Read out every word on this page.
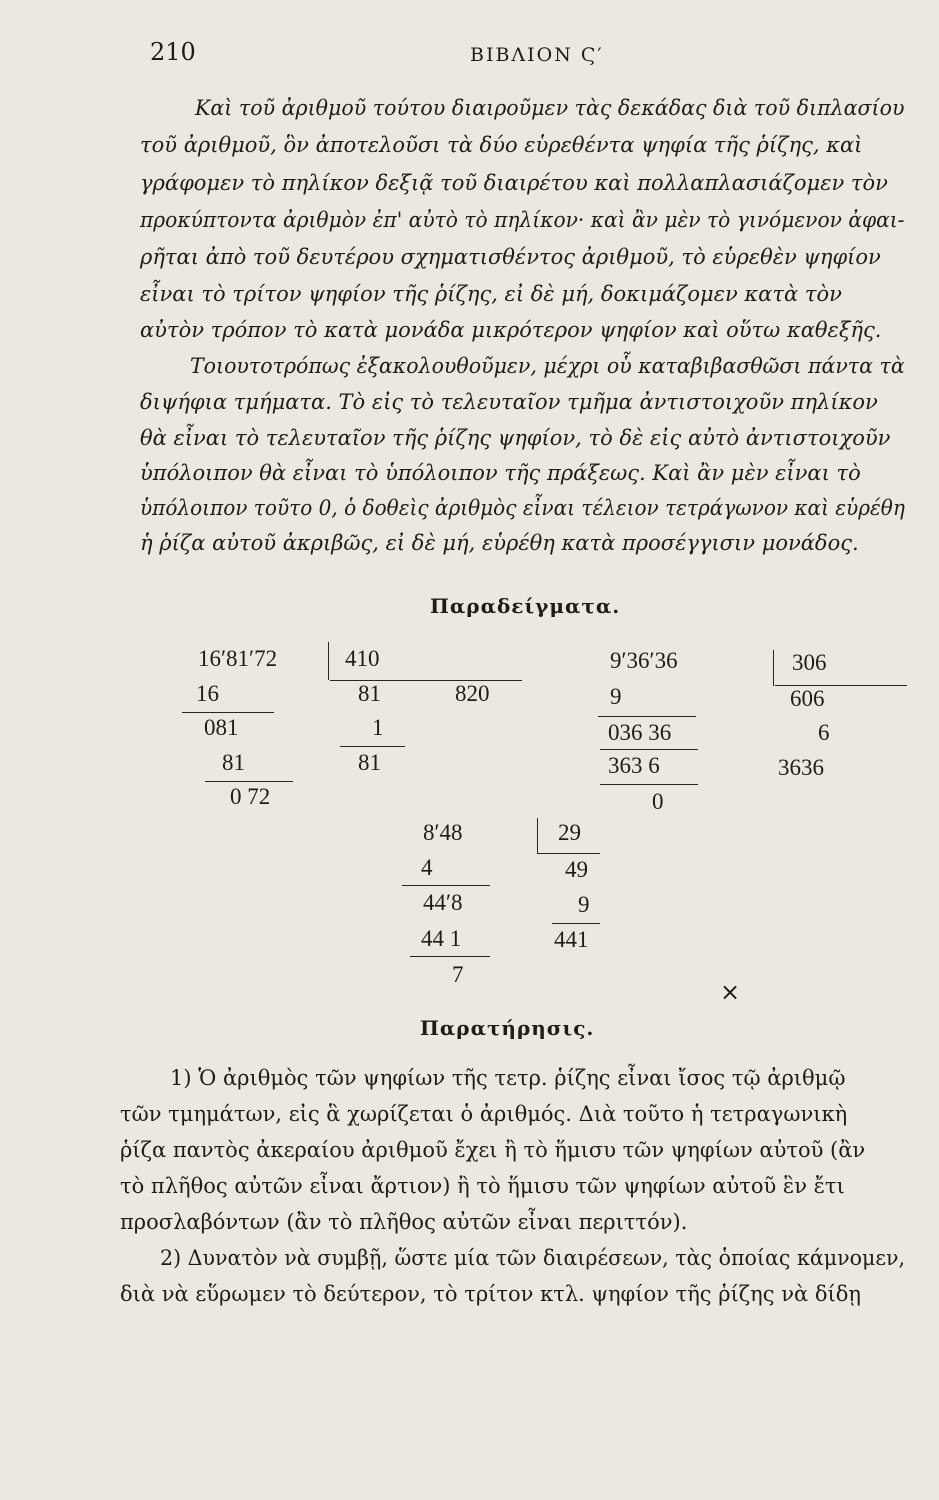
210	ΒΙΒΛΙΟΝ Ϛ′
Καὶ τοῦ ἀριθμοῦ τούτου διαιροῦμεν τὰς δεκάδας διὰ τοῦ διπλασίου
τοῦ ἀριθμοῦ, ὃν ἀποτελοῦσι τὰ δύο εὑρεθέντα ψηφία τῆς ῥίζης, καὶ
γράφομεν τὸ πηλίκον δεξιᾷ τοῦ διαιρέτου καὶ πολλαπλασιάζομεν τὸν
προκύπτοντα ἀριθμὸν ἐπ' αὐτὸ τὸ πηλίκον· καὶ ἂν μὲν τὸ γινόμενον ἀφαι-
ρῆται ἀπὸ τοῦ δευτέρου σχηματισθέντος ἀριθμοῦ, τὸ εὑρεθὲν ψηφίον
εἶναι τὸ τρίτον ψηφίον τῆς ῥίζης, εἰ δὲ μή, δοκιμάζομεν κατὰ τὸν
αὐτὸν τρόπον τὸ κατὰ μονάδα μικρότερον ψηφίον καὶ οὕτω καθεξῆς.
Τοιουτοτρόπως ἐξακολουθοῦμεν, μέχρι οὗ καταβιβασθῶσι πάντα τὰ
διψήφια τμήματα. Τὸ εἰς τὸ τελευταῖον τμῆμα ἀντιστοιχοῦν πηλίκον
θὰ εἶναι τὸ τελευταῖον τῆς ῥίζης ψηφίον, τὸ δὲ εἰς αὐτὸ ἀντιστοιχοῦν
ὑπόλοιπον θὰ εἶναι τὸ ὑπόλοιπον τῆς πράξεως. Καὶ ἂν μὲν εἶναι τὸ
ὑπόλοιπον τοῦτο 0, ὁ δοθεὶς ἀριθμὸς εἶναι τέλειον τετράγωνον καὶ εὑρέθη
ἡ ῥίζα αὐτοῦ ἀκριβῶς, εἰ δὲ μή, εὑρέθη κατὰ προσέγγισιν μονάδος.
Παραδείγματα.
16′81′72	410
16	81	820
081	1
81	81
0 72
9′36′36	306
9	606
036 36	6
363 6	3636
0
8′48	29
4	49
44′8	9
44 1	441
7
×
Παρατήρησις.
1) Ὁ ἀριθμὸς τῶν ψηφίων τῆς τετρ. ῥίζης εἶναι ἴσος τῷ ἀριθμῷ
τῶν τμημάτων, εἰς ἃ χωρίζεται ὁ ἀριθμός. Διὰ τοῦτο ἡ τετραγωνικὴ
ῥίζα παντὸς ἀκεραίου ἀριθμοῦ ἔχει ἢ τὸ ἥμισυ τῶν ψηφίων αὐτοῦ (ἂν
τὸ πλῆθος αὐτῶν εἶναι ἄρτιον) ἢ τὸ ἥμισυ τῶν ψηφίων αὐτοῦ ἓν ἔτι
προσλαβόντων (ἂν τὸ πλῆθος αὐτῶν εἶναι περιττόν).
2) Δυνατὸν νὰ συμβῇ, ὥστε μία τῶν διαιρέσεων, τὰς ὁποίας κάμνομεν,
διὰ νὰ εὕρωμεν τὸ δεύτερον, τὸ τρίτον κτλ. ψηφίον τῆς ῥίζης νὰ δίδῃ
